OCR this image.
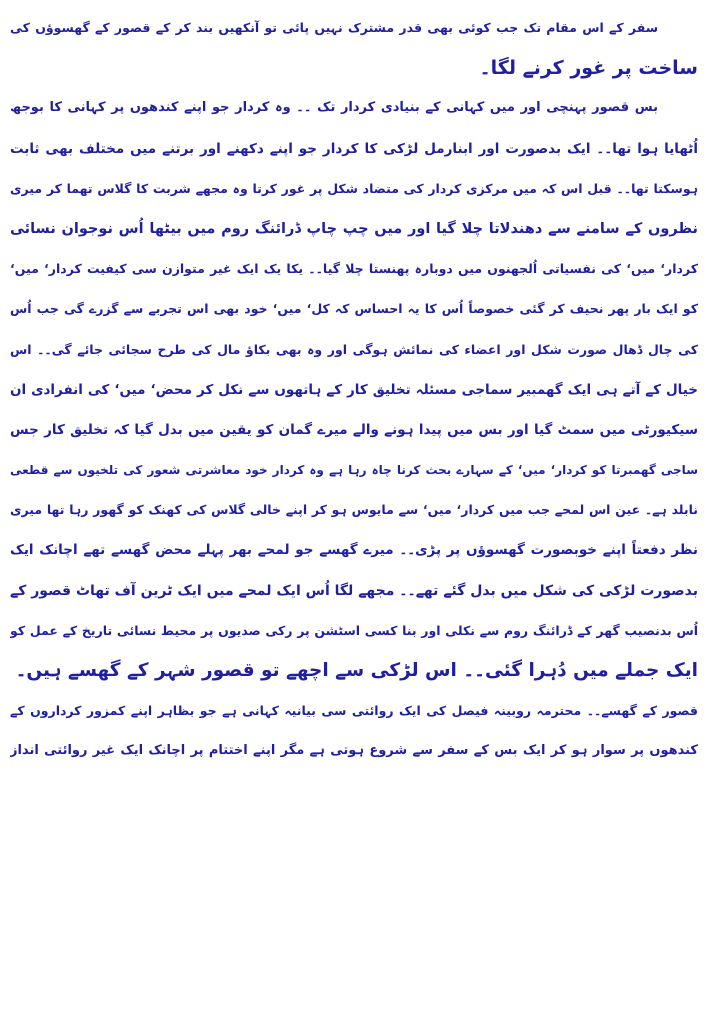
سفر کے اس مقام تک جب کوئی بھی قدر مشترک نہیں پائی تو آنکھیں بند کر کے قصور کے گھسوؤں کی
ساخت پر غور کرنے لگا۔

بس قصور پہنچی اور میں کہانی کے بنیادی کردار تک ۔۔ وہ کردار جو اپنے کندھوں پر کہانی کا بوجھ
اُٹھایا ہوا تھا۔۔ ایک بدصورت اور ابنارمل لڑکی کا کردار جو اپنے دکھنے اور برتنے میں مختلف بھی ثابت
ہوسکتا تھا۔۔ قبل اس کہ میں مرکزی کردار کی متضاد شکل پر غور کرتا وہ مجھے شربت کا گلاس تھما کر میری
نظروں کے سامنے سے دھندلاتا چلا گیا اور میں چپ چاپ ڈرائنگ روم میں بیٹھا اُس نوجوان نسائی
کردار‘ میں‘ کی نفسیاتی اُلجھنوں میں دوبارہ پھنستا چلا گیا۔۔ یکا یک ایک غیر متوازن سی کیفیت کردار‘ میں‘
کو ایک بار پھر نحیف کر گئی خصوصاً اُس کا یہ احساس کہ کل‘ میں‘ خود بھی اس تجربے سے گزرے گی جب اُس
کی چال ڈھال صورت شکل اور اعضاء کی نمائش ہوگی اور وہ بھی بکاؤ مال کی طرح سجائی جائے گی۔۔ اس
خیال کے آتے ہی ایک گھمبیر سماجی مسئلہ تخلیق کار کے ہاتھوں سے نکل کر محض‘ میں‘ کی انفرادی ان
سیکیورٹی میں سمٹ گیا اور بس میں پیدا ہونے والے میرے گمان کو یقین میں بدل گیا کہ تخلیق کار جس
ساجی گھمبرتا کو کردار‘ میں‘ کے سہارے بحث کرنا چاہ رہا ہے وہ کردار خود معاشرتی شعور کی تلخیوں سے قطعی
نابلد ہے۔ عین اس لمحے جب میں کردار‘ میں‘ سے مایوس ہو کر اپنے خالی گلاس کی کھنک کو گھور رہا تھا میری
نظر دفعتاً اپنے خوبصورت گھسوؤں پر پڑی۔۔ میرے گھسے جو لمحے بھر پہلے محض گھسے تھے اچانک ایک
بدصورت لڑکی کی شکل میں بدل گئے تھے۔۔ مجھے لگا اُس ایک لمحے میں ایک ٹرین آف تھاٹ قصور کے
اُس بدنصیب گھر کے ڈرائنگ روم سے نکلی اور بنا کسی اسٹشن پر رکی صدیوں پر محیط نسائی تاریخ کے عمل کو
ایک جملے میں دُہرا گئی۔۔ اس لڑکی سے اچھے تو قصور شہر کے گھسے ہیں۔

قصور کے گھسے۔۔ محترمہ روبینہ فیصل کی ایک روائتی سی بیانیہ کہانی ہے جو بظاہر اپنے کمزور کرداروں کے
کندھوں پر سوار ہو کر ایک بس کے سفر سے شروع ہوتی ہے مگر اپنے اختتام پر اچانک ایک غیر روائتی انداز
